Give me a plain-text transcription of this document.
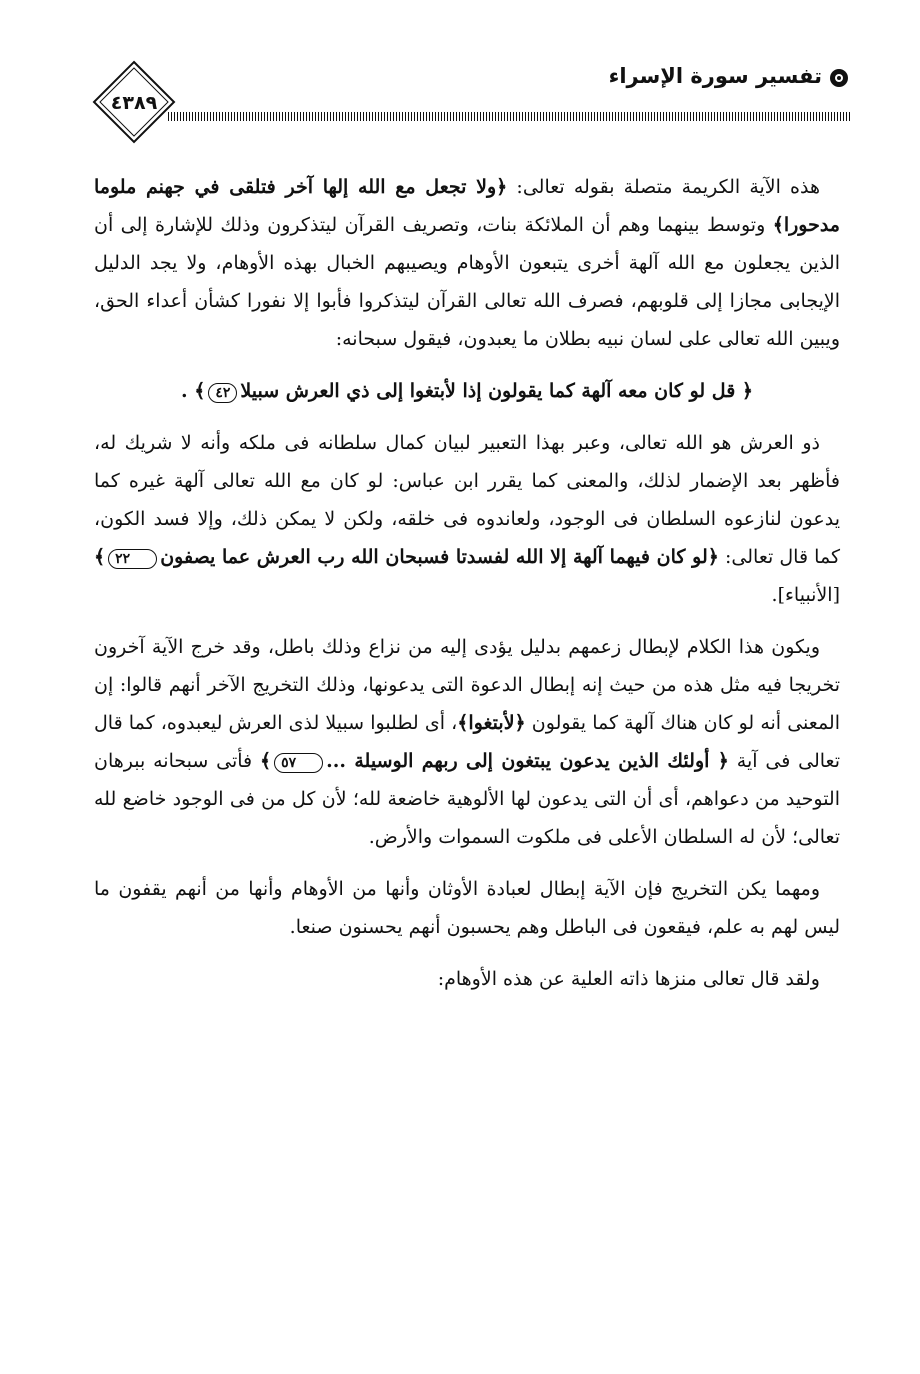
تفسير سورة الإسراء
٤٣٨٩

هذه الآية الكريمة متصلة بقوله تعالى: ﴿ولا تجعل مع الله إلها آخر فتلقى في جهنم ملوما مدحورا﴾ وتوسط بينهما وهم أن الملائكة بنات، وتصريف القرآن ليتذكرون وذلك للإشارة إلى أن الذين يجعلون مع الله آلهة أخرى يتبعون الأوهام ويصيبهم الخبال بهذه الأوهام، ولا يجد الدليل الإيجابى مجازا إلى قلوبهم، فصرف الله تعالى القرآن ليتذكروا فأبوا إلا نفورا كشأن أعداء الحق، ويبين الله تعالى على لسان نبيه بطلان ما يعبدون، فيقول سبحانه:

﴿ قل لو كان معه آلهة كما يقولون إذا لأبتغوا إلى ذي العرش سبيلا٤٢﴾ .

ذو العرش هو الله تعالى، وعبر بهذا التعبير لبيان كمال سلطانه فى ملكه وأنه لا شريك له، فأظهر بعد الإضمار لذلك، والمعنى كما يقرر ابن عباس: لو كان مع الله تعالى آلهة غيره كما يدعون لنازعوه السلطان فى الوجود، ولعاندوه فى خلقه، ولكن لا يمكن ذلك، وإلا فسد الكون، كما قال تعالى: ﴿لو كان فيهما آلهة إلا الله لفسدتا فسبحان الله رب العرش عما يصفون٢٢﴾ [الأنبياء].

ويكون هذا الكلام لإبطال زعمهم بدليل يؤدى إليه من نزاع وذلك باطل، وقد خرج الآية آخرون تخريجا فيه مثل هذه من حيث إنه إبطال الدعوة التى يدعونها، وذلك التخريج الآخر أنهم قالوا: إن المعنى أنه لو كان هناك آلهة كما يقولون ﴿لأبتغوا﴾، أى لطلبوا سبيلا لذى العرش ليعبدوه، كما قال تعالى فى آية ﴿ أولئك الذين يدعون يبتغون إلى ربهم الوسيلة ...٥٧﴾ فأتى سبحانه ببرهان التوحيد من دعواهم، أى أن التى يدعون لها الألوهية خاضعة لله؛ لأن كل من فى الوجود خاضع لله تعالى؛ لأن له السلطان الأعلى فى ملكوت السموات والأرض.

ومهما يكن التخريج فإن الآية إبطال لعبادة الأوثان وأنها من الأوهام وأنها من أنهم يقفون ما ليس لهم به علم، فيقعون فى الباطل وهم يحسبون أنهم يحسنون صنعا.

ولقد قال تعالى منزها ذاته العلية عن هذه الأوهام:
